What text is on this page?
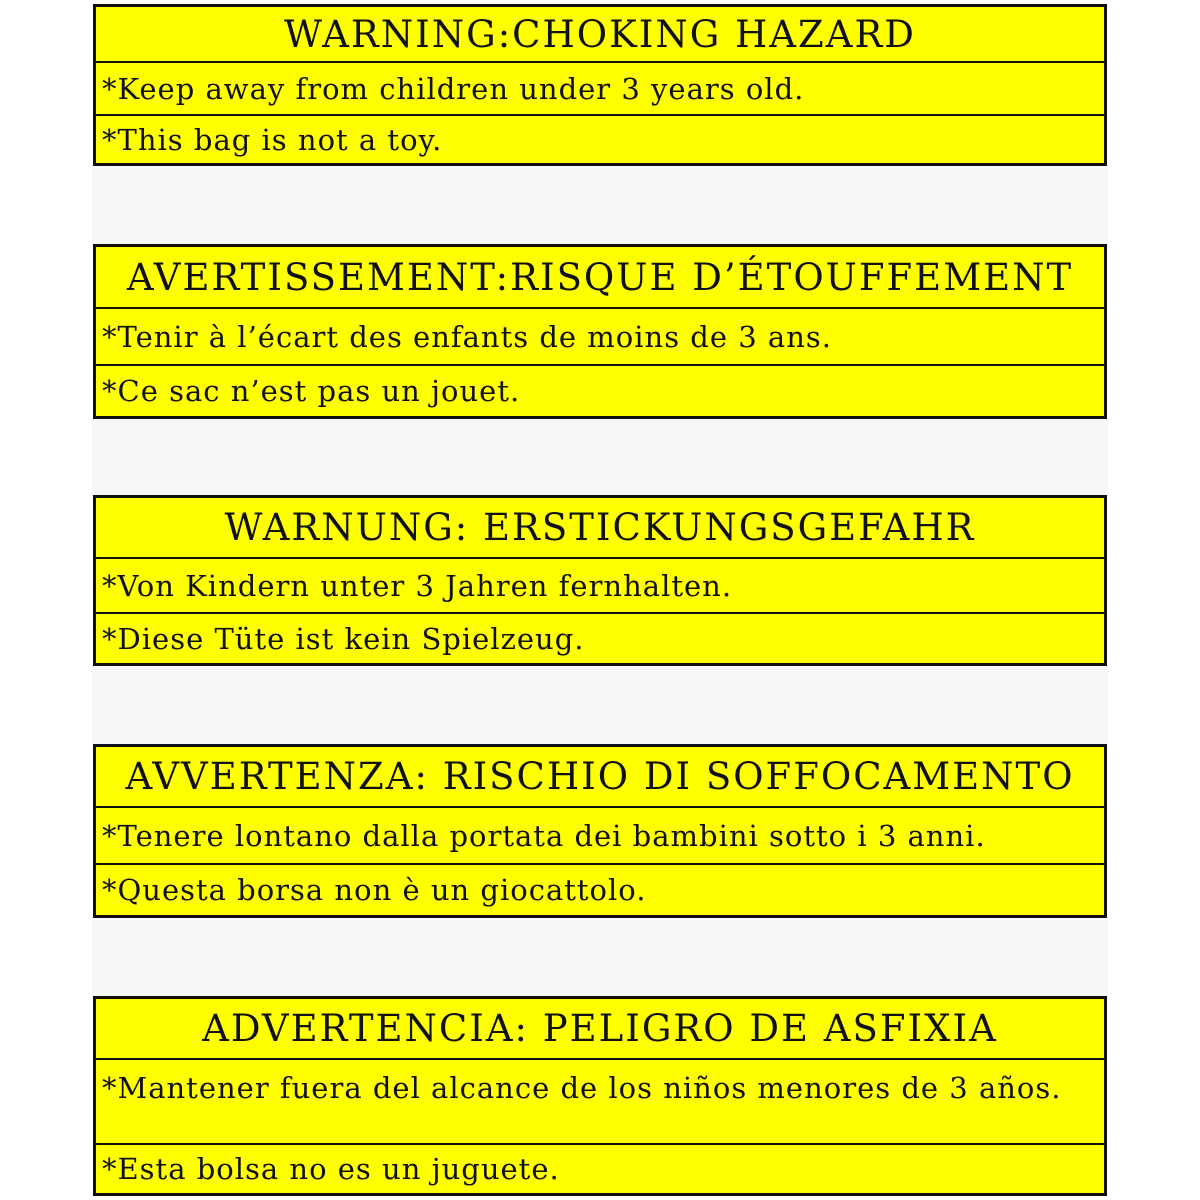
WARNING:CHOKING HAZARD
*Keep away from children under 3 years old.
*This bag is not a toy.
AVERTISSEMENT:RISQUE D’ÉTOUFFEMENT
*Tenir à l’écart des enfants de moins de 3 ans.
*Ce sac n’est pas un jouet.
WARNUNG: ERSTICKUNGSGEFAHR
*Von Kindern unter 3 Jahren fernhalten.
*Diese Tüte ist kein Spielzeug.
AVVERTENZA: RISCHIO DI SOFFOCAMENTO
*Tenere lontano dalla portata dei bambini sotto i 3 anni.
*Questa borsa non è un giocattolo.
ADVERTENCIA: PELIGRO DE ASFIXIA
*Mantener fuera del alcance de los niños menores de 3 años.
*Esta bolsa no es un juguete.
